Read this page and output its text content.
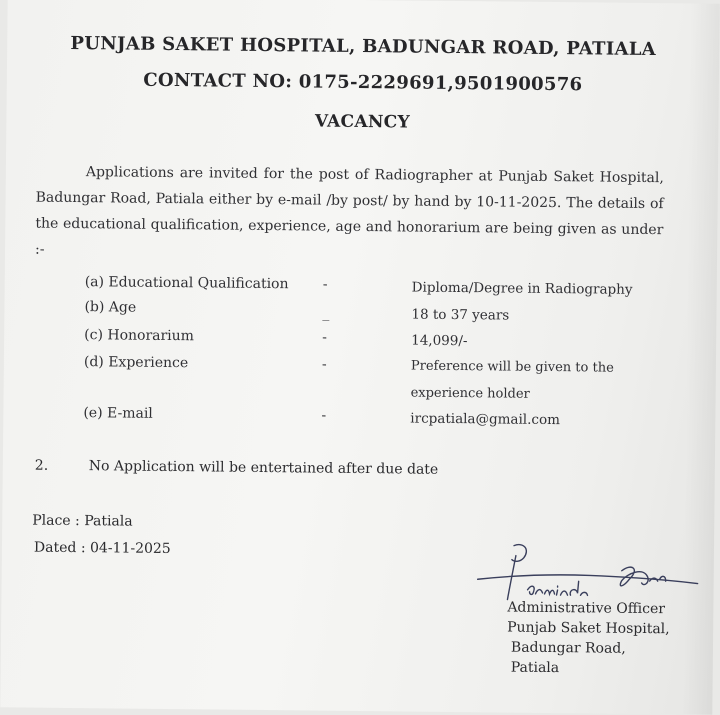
PUNJAB SAKET HOSPITAL, BADUNGAR ROAD, PATIALA
CONTACT NO: 0175-2229691,9501900576
VACANCY
Applications are invited for the post of Radiographer at Punjab Saket Hospital, Badungar Road, Patiala either by e-mail /by post/ by hand by 10-11-2025. The details of the educational qualification, experience, age and honorarium are being given as under :-
(a) Educational Qualification -	Diploma/Degree in Radiography
(b) Age	_	18 to 37 years
(c) Honorarium	-	14,099/-
(d) Experience	-	Preference will be given to the experience holder
(e) E-mail	-	ircpatiala@gmail.com
2.	No Application will be entertained after due date
Place : Patiala
Dated : 04-11-2025
Administrative Officer
Punjab Saket Hospital,
Badungar Road,
Patiala
